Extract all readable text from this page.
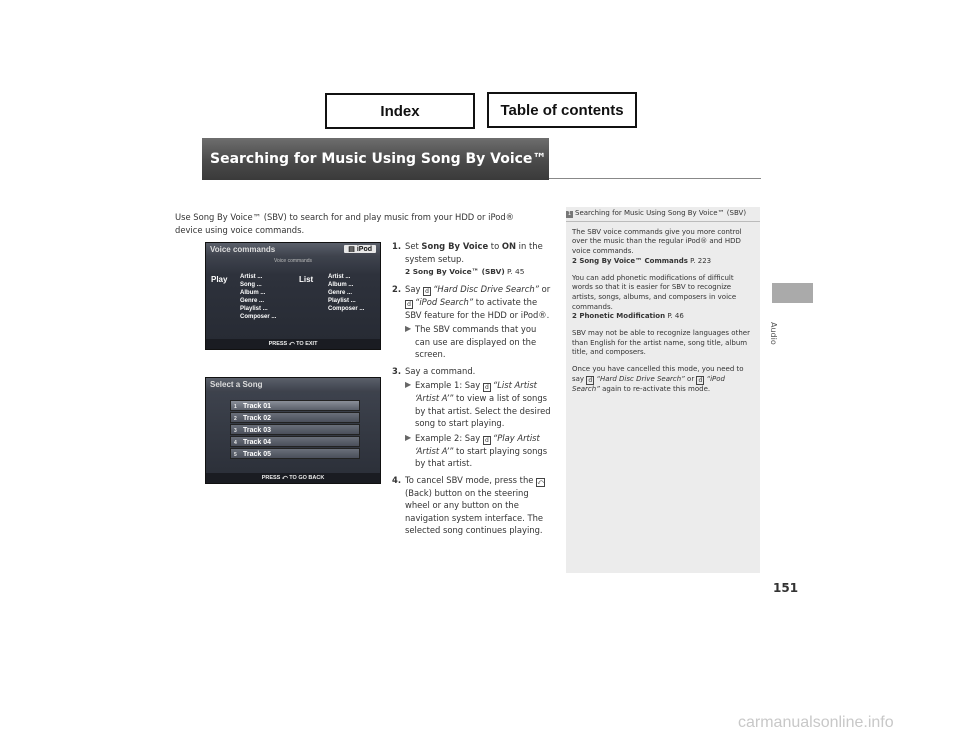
Index	Table of contents
Searching for Music Using Song By Voice™ (SBV)
Audio
Use Song By Voice™ (SBV) to search for and play music from your HDD or iPod® device using voice commands.
Voice commands	▤ iPod
Voice commands
Play Artist ...
Song ...
Album ...
Genre ...
Playlist ...
Composer ...
List Artist ...
Album ...
Genre ...
Playlist ...
Composer ...
PRESS ⤺ TO EXIT
Select a Song
1 Track 01
2 Track 02
3 Track 03
4 Track 04
5 Track 05
PRESS ⤺ TO GO BACK
1. Set Song By Voice to ON in the system setup.
2 Song By Voice™ (SBV) P. 45
2. Say d “Hard Disc Drive Search” or d “iPod Search” to activate the SBV feature for the HDD or iPod®.
▶ The SBV commands that you can use are displayed on the screen.
3. Say a command.
▶ Example 1: Say d “List Artist ‘Artist A’” to view a list of songs by that artist. Select the desired song to start playing.
▶ Example 2: Say d “Play Artist ‘Artist A’” to start playing songs by that artist.
4. To cancel SBV mode, press the ⤺ (Back) button on the steering wheel or any button on the navigation system interface. The selected song continues playing.
1 Searching for Music Using Song By Voice™ (SBV)

The SBV voice commands give you more control over the music than the regular iPod® and HDD voice commands.
2 Song By Voice™ Commands P. 223

You can add phonetic modifications of difficult words so that it is easier for SBV to recognize artists, songs, albums, and composers in voice commands.
2 Phonetic Modification P. 46

SBV may not be able to recognize languages other than English for the artist name, song title, album title, and composers.

Once you have cancelled this mode, you need to say d “Hard Disc Drive Search” or d “iPod Search” again to re-activate this mode.

151
carmanualsonline.info
